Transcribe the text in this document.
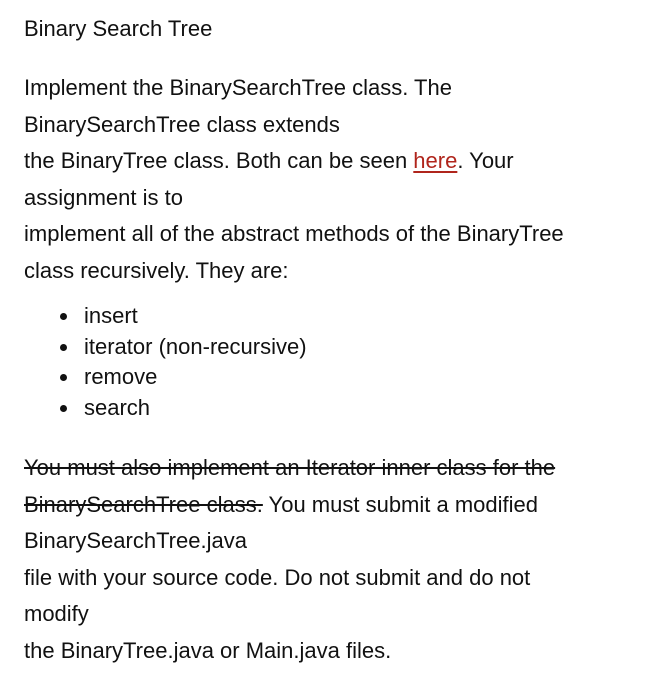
Binary Search Tree

Implement the BinarySearchTree class. The
BinarySearchTree class extends
the BinaryTree class. Both can be seen here. Your
assignment is to
implement all of the abstract methods of the BinaryTree
class recursively. They are:

insert
iterator (non-recursive)
remove
search

You must also implement an Iterator inner class for the
BinarySearchTree class. You must submit a modified
BinarySearchTree.java
file with your source code. Do not submit and do not
modify
the BinaryTree.java or Main.java files.
